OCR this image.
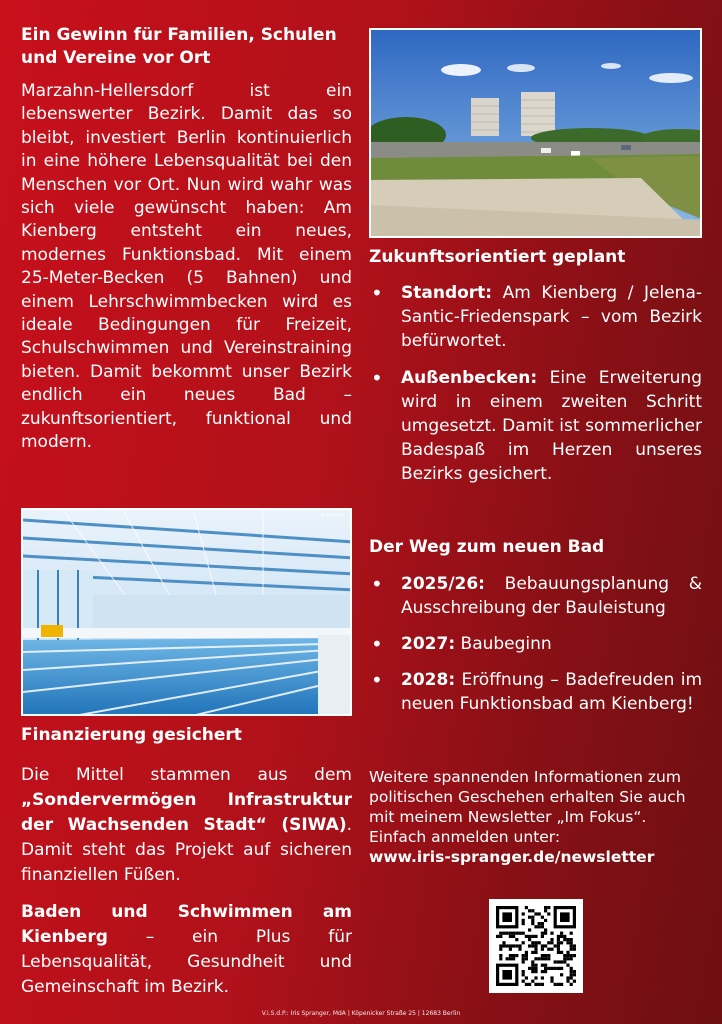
Ein Gewinn für Familien, Schulen und Vereine vor Ort

Marzahn-Hellersdorf ist ein lebenswerter Bezirk. Damit das so bleibt, investiert Berlin kontinuierlich in eine höhere Lebensqualität bei den Menschen vor Ort. Nun wird wahr was sich viele gewünscht haben: Am Kienberg entsteht ein neues, modernes Funktionsbad. Mit einem 25-Meter-Becken (5 Bahnen) und einem Lehrschwimmbecken wird es ideale Bedingungen für Freizeit, Schulschwimmen und Vereinstraining bieten. Damit bekommt unser Bezirk endlich ein neues Bad – zukunftsorientiert, funktional und modern.

© freepik
Finanzierung gesichert

Die Mittel stammen aus dem „Sondervermögen Infrastruktur der Wachsenden Stadt“ (SIWA). Damit steht das Projekt auf sicheren finanziellen Füßen.

Baden und Schwimmen am Kienberg – ein Plus für Lebensqualität, Gesundheit und Gemeinschaft im Bezirk.

Zukunftsorientiert geplant
• Standort: Am Kienberg / Jelena-Santic-Friedenspark – vom Bezirk befürwortet.
• Außenbecken: Eine Erweiterung wird in einem zweiten Schritt umgesetzt. Damit ist sommerlicher Badespaß im Herzen unseres Bezirks gesichert.
Der Weg zum neuen Bad
• 2025/26: Bebauungsplanung & Ausschreibung der Bauleistung
• 2027: Baubeginn
• 2028: Eröffnung – Badefreuden im neuen Funktionsbad am Kienberg!
Weitere spannenden Informationen zum politischen Geschehen erhalten Sie auch mit meinem Newsletter „Im Fokus“. Einfach anmelden unter:
www.iris-spranger.de/newsletter
V.i.S.d.P.: Iris Spranger, MdA | Köpenicker Straße 25 | 12683 Berlin
